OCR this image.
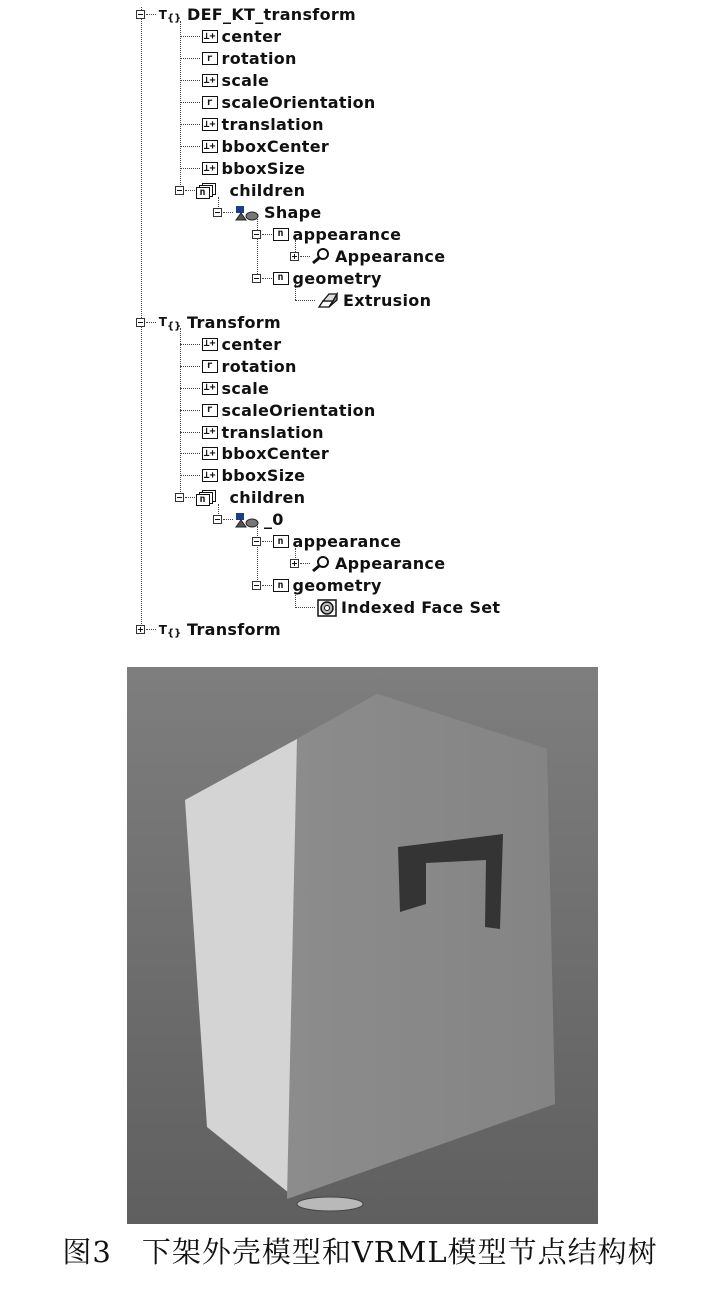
T {} DEF_KT_transform
⊥+ center
r rotation
⊥+ scale
r scaleOrientation
⊥+ translation
⊥+ bboxCenter
⊥+ bboxSize
n children
Shape
n appearance
Appearance
n geometry
Extrusion
T {} Transform
⊥+ center
r rotation
⊥+ scale
r scaleOrientation
⊥+ translation
⊥+ bboxCenter
⊥+ bboxSize
n children
_0
n appearance
Appearance
n geometry
Indexed Face Set
T {} Transform
图3　下架外壳模型和VRML模型节点结构树
